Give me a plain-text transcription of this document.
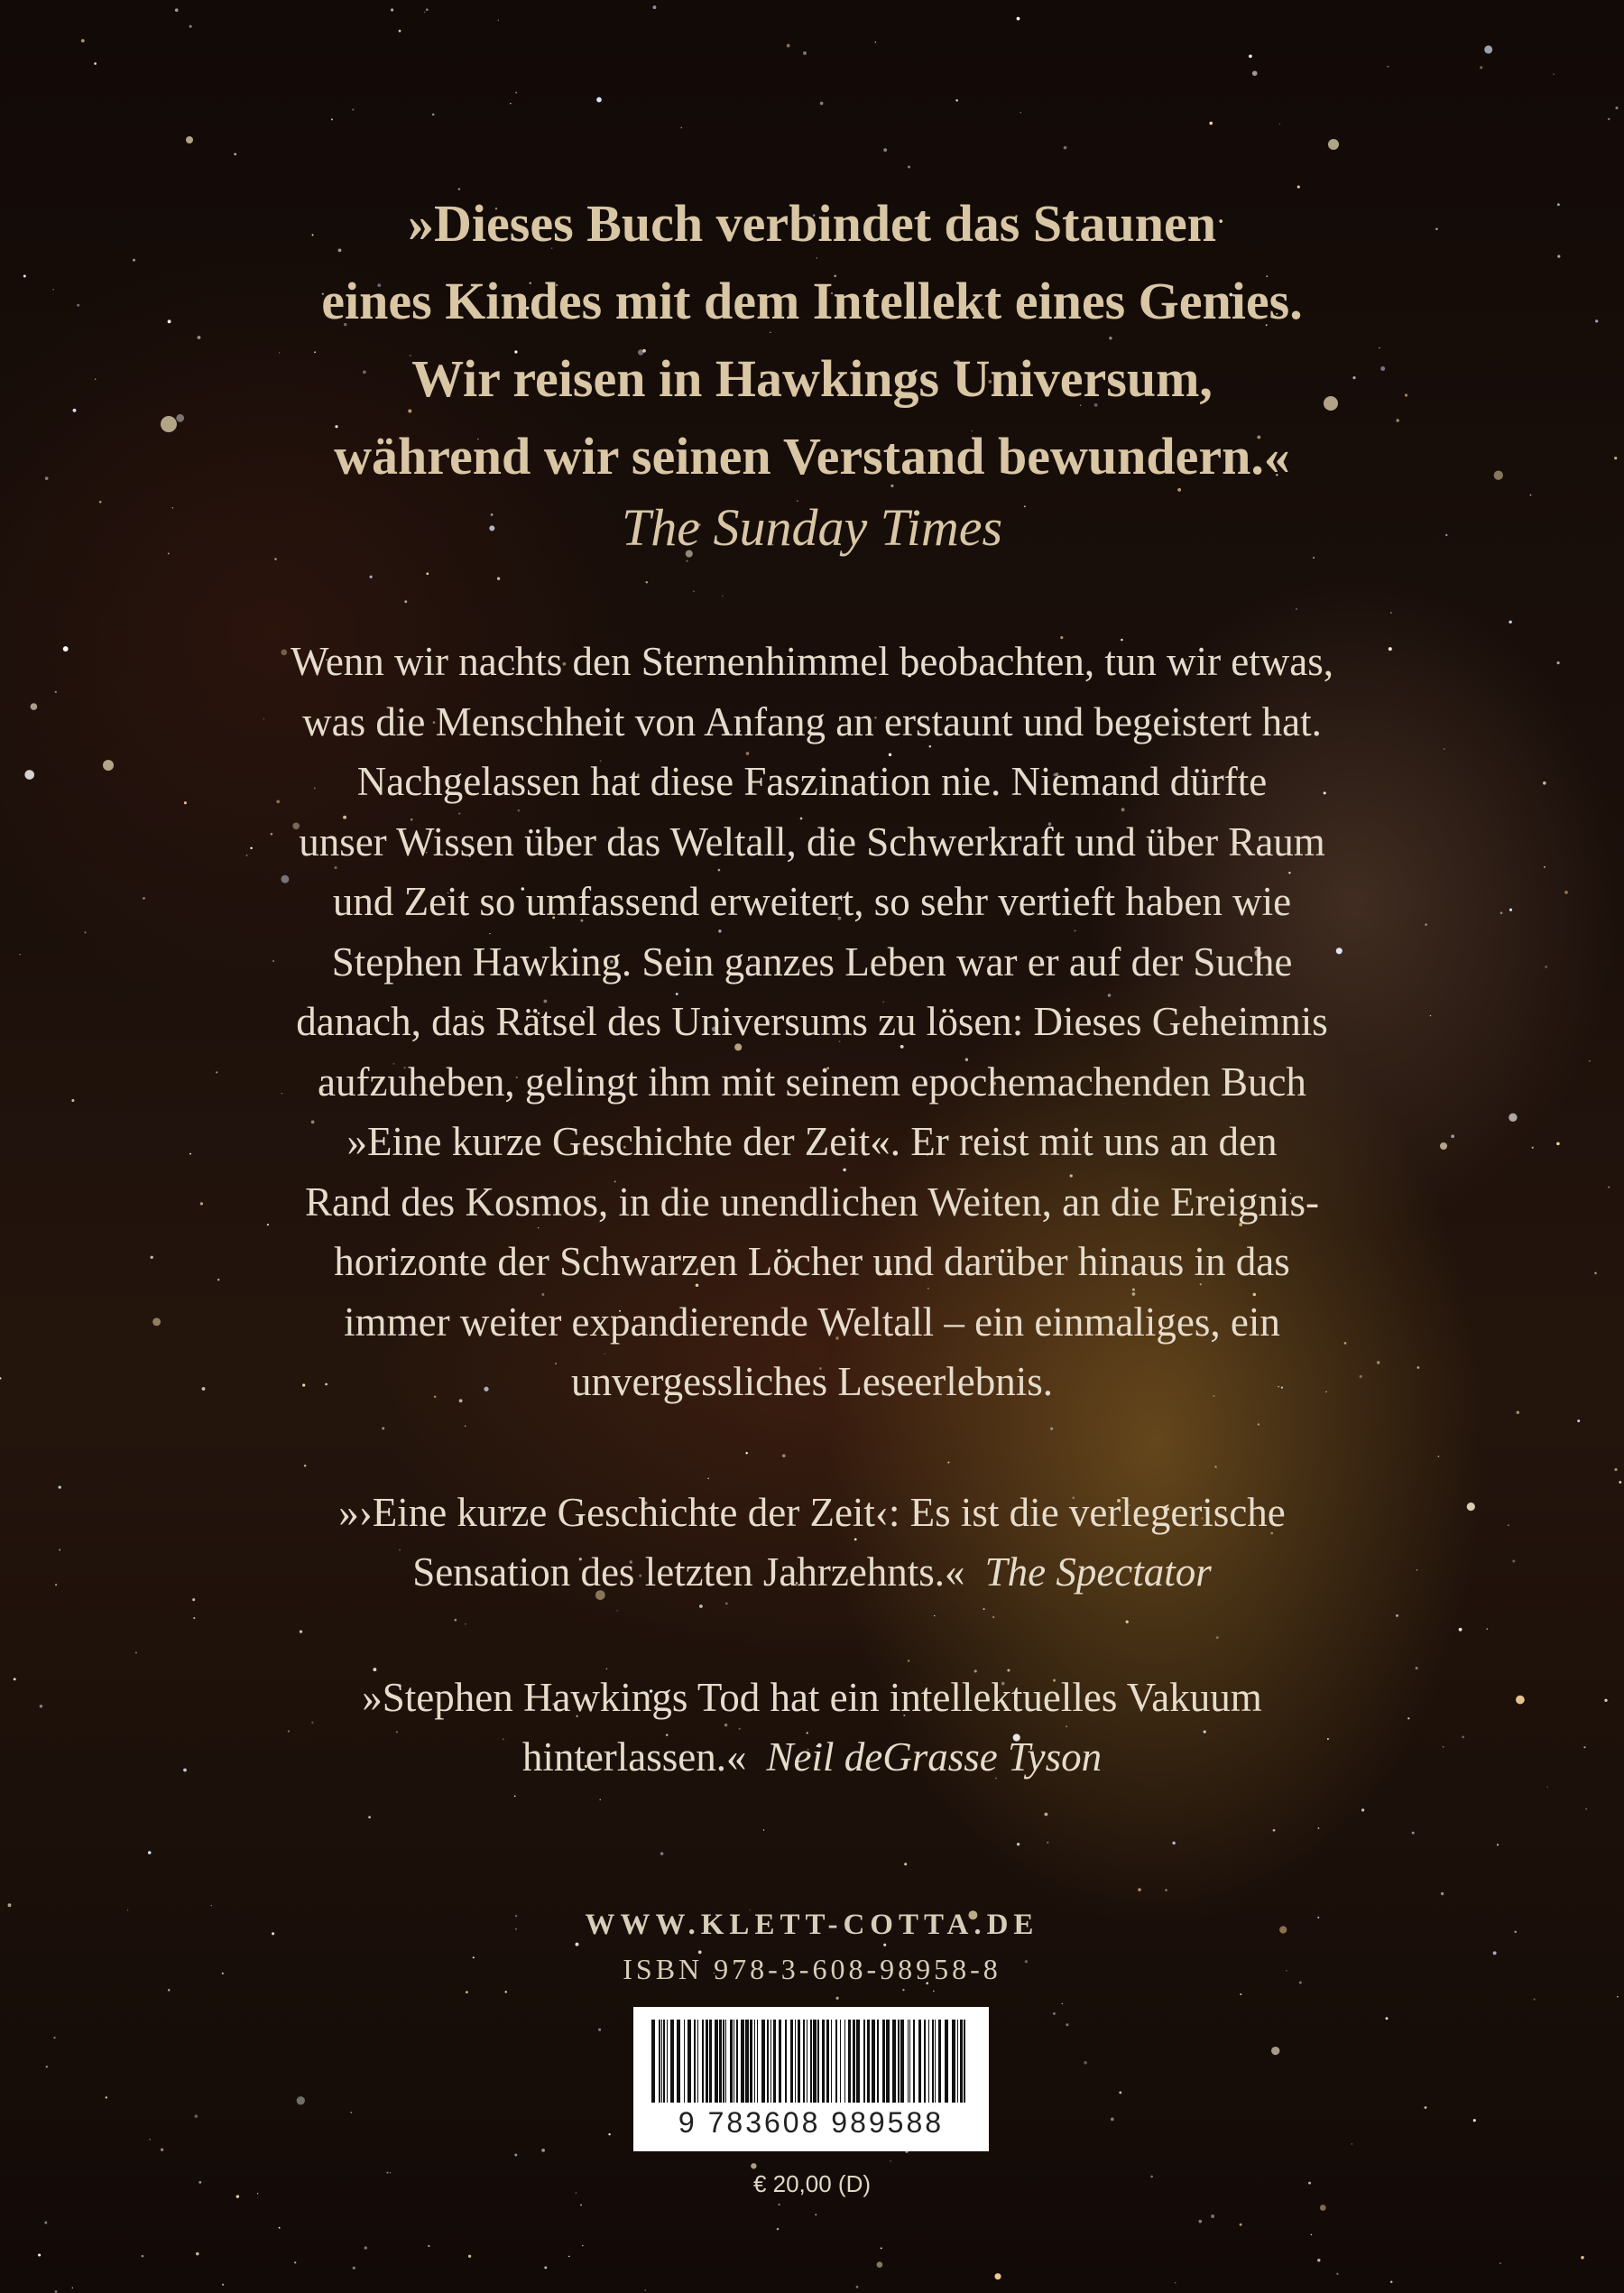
»Dieses Buch verbindet das Staunen
eines Kindes mit dem Intellekt eines Genies.
Wir reisen in Hawkings Universum,
während wir seinen Verstand bewundern.«
The Sunday Times
Wenn wir nachts den Sternenhimmel beobachten, tun wir etwas,
was die Menschheit von Anfang an erstaunt und begeistert hat.
Nachgelassen hat diese Faszination nie. Niemand dürfte
unser Wissen über das Weltall, die Schwerkraft und über Raum
und Zeit so umfassend erweitert, so sehr vertieft haben wie
Stephen Hawking. Sein ganzes Leben war er auf der Suche
danach, das Rätsel des Universums zu lösen: Dieses Geheimnis
aufzuheben, gelingt ihm mit seinem epochemachenden Buch
»Eine kurze Geschichte der Zeit«. Er reist mit uns an den
Rand des Kosmos, in die unendlichen Weiten, an die Ereignis-
horizonte der Schwarzen Löcher und darüber hinaus in das
immer weiter expandierende Weltall – ein einmaliges, ein
unvergessliches Leseerlebnis.
»›Eine kurze Geschichte der Zeit‹: Es ist die verlegerische
Sensation des letzten Jahrzehnts.« The Spectator
»Stephen Hawkings Tod hat ein intellektuelles Vakuum
hinterlassen.« Neil deGrasse Tyson
WWW.KLETT-COTTA.DE
ISBN 978-3-608-98958-8
9 783608 989588
€ 20,00 (D)
